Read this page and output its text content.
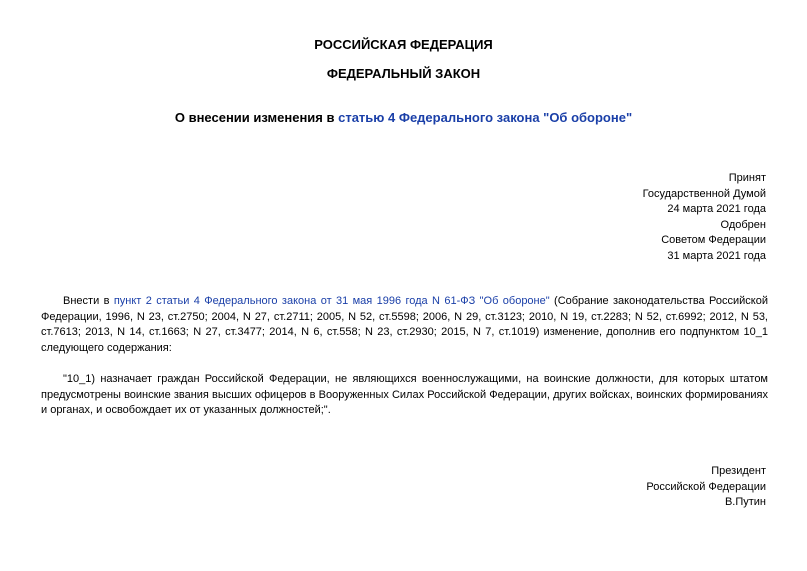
РОССИЙСКАЯ ФЕДЕРАЦИЯ
ФЕДЕРАЛЬНЫЙ ЗАКОН
О внесении изменения в статью 4 Федерального закона "Об обороне"
Принят
Государственной Думой
24 марта 2021 года
Одобрен
Советом Федерации
31 марта 2021 года

Внести в пункт 2 статьи 4 Федерального закона от 31 мая 1996 года N 61-ФЗ "Об обороне" (Собрание законодательства Российской Федерации, 1996, N 23, ст.2750; 2004, N 27, ст.2711; 2005, N 52, ст.5598; 2006, N 29, ст.3123; 2010, N 19, ст.2283; N 52, ст.6992; 2012, N 53, ст.7613; 2013, N 14, ст.1663; N 27, ст.3477; 2014, N 6, ст.558; N 23, ст.2930; 2015, N 7, ст.1019) изменение, дополнив его подпунктом 10_1 следующего содержания:

"10_1) назначает граждан Российской Федерации, не являющихся военнослужащими, на воинские должности, для которых штатом предусмотрены воинские звания высших офицеров в Вооруженных Силах Российской Федерации, других войсках, воинских формированиях и органах, и освобождает их от указанных должностей;".

Президент
Российской Федерации
В.Путин
